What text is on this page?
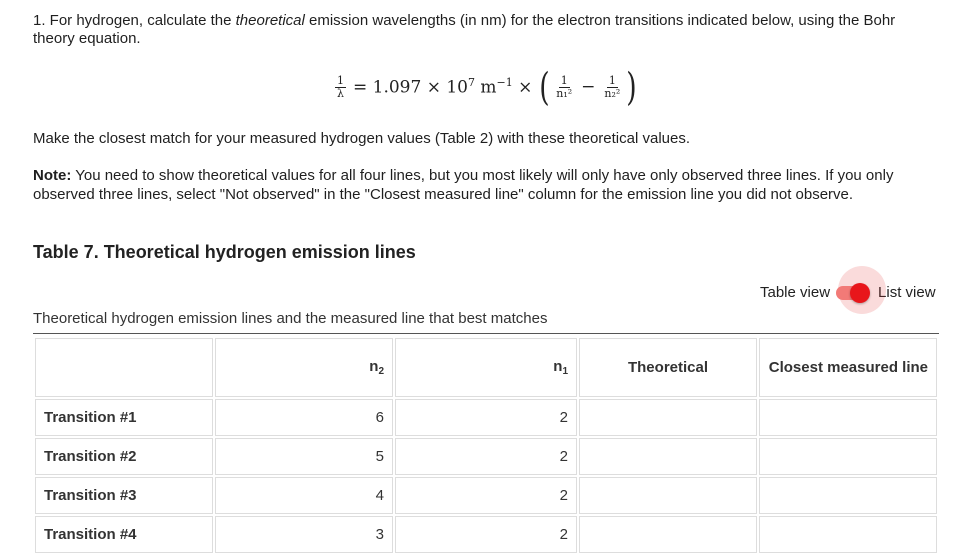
1. For hydrogen, calculate the theoretical emission wavelengths (in nm) for the electron transitions indicated below, using the Bohr theory equation.
$\frac{1}{\lambda} = 1.097 \times 10^7$ $m^{-1}$ × ( $\frac{1}{\text{n₁²}} - \frac{1}{\text{n₂²}}$ )
Make the closest match for your measured hydrogen values (Table 2) with these theoretical values.
Note: You need to show theoretical values for all four lines, but you most likely will only have only observed three lines. If you only observed three lines, select "Not observed" in the "Closest measured line" column for the emission line you did not observe.
Table 7. Theoretical hydrogen emission lines
Table view	List view
Theoretical hydrogen emission lines and the measured line that best matches
	$n_2$	$n_1$	Theoretical	Closest measured line
Transition #1	6	2		
Transition #2	5	2		
Transition #3	4	2		
Transition #4	3	2		
